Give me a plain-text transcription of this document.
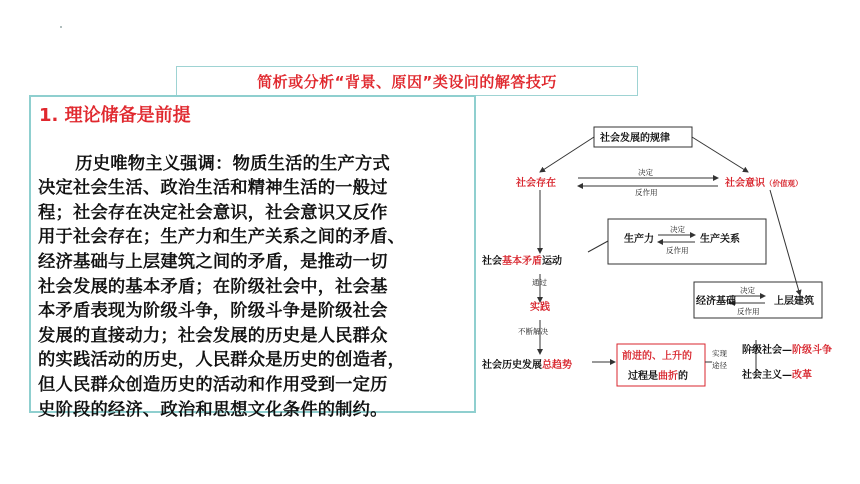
简析或分析“背景、原因”类设问的解答技巧
1. 理论储备是前提

历史唯物主义强调：物质生活的生产方式
决定社会生活、政治生活和精神生活的一般过
程；社会存在决定社会意识，社会意识又反作
用于社会存在；生产力和生产关系之间的矛盾、
经济基础与上层建筑之间的矛盾，是推动一切
社会发展的基本矛盾；在阶级社会中，社会基
本矛盾表现为阶级斗争，阶级斗争是阶级社会
发展的直接动力；社会发展的历史是人民群众
的实践活动的历史，人民群众是历史的创造者，
但人民群众创造历史的活动和作用受到一定历
史阶段的经济、政治和思想文化条件的制约。

社会发展的规律
社会存在	社会意识（价值观）
决定
反作用
社会基本矛盾运动
生产力	生产关系
决定
反作用
经济基础	上层建筑
决定
反作用
通过
实践
不断解决
社会历史发展总趋势
前进的、上升的
过程是曲折的
实现
途径
阶级社会—阶级斗争
社会主义—改革
